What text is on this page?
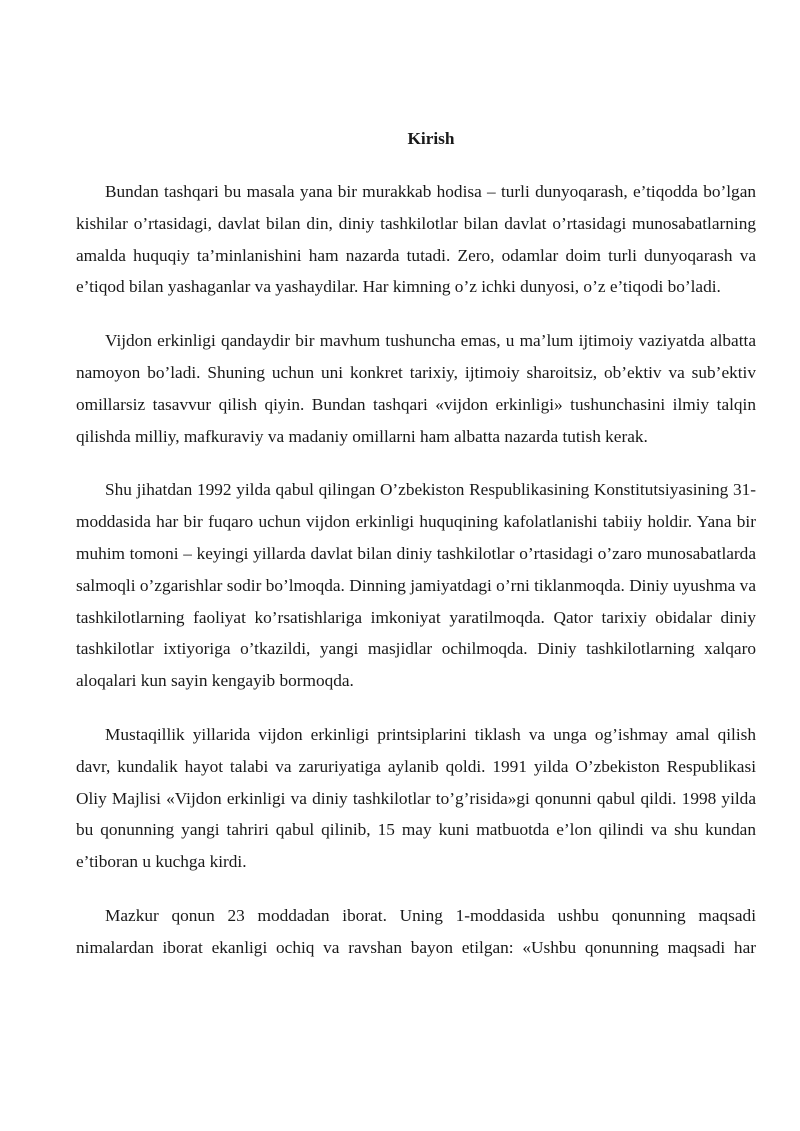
Kirish

Bundan tashqari bu masala yana bir murakkab hodisa – turli dunyoqarash, e’tiqodda bo’lgan kishilar o’rtasidagi, davlat bilan din, diniy tashkilotlar bilan davlat o’rtasidagi munosabatlarning amalda huquqiy ta’minlanishini ham nazarda tutadi. Zero, odamlar doim turli dunyoqarash va e’tiqod bilan yashaganlar va yashaydilar. Har kimning o’z ichki dunyosi, o’z e’tiqodi bo’ladi.

Vijdon erkinligi qandaydir bir mavhum tushuncha emas, u ma’lum ijtimoiy vaziyatda albatta namoyon bo’ladi. Shuning uchun uni konkret tarixiy, ijtimoiy sharoitsiz, ob’ektiv va sub’ektiv omillarsiz tasavvur qilish qiyin. Bundan tashqari «vijdon erkinligi» tushunchasini ilmiy talqin qilishda milliy, mafkuraviy va madaniy omillarni ham albatta nazarda tutish kerak.

Shu jihatdan 1992 yilda qabul qilingan O’zbekiston Respublikasining Konstitutsiyasining 31-moddasida har bir fuqaro uchun vijdon erkinligi huquqining kafolatlanishi tabiiy holdir. Yana bir muhim tomoni – keyingi yillarda davlat bilan diniy tashkilotlar o’rtasidagi o’zaro munosabatlarda salmoqli o’zgarishlar sodir bo’lmoqda. Dinning jamiyatdagi o’rni tiklanmoqda. Diniy uyushma va tashkilotlarning faoliyat ko’rsatishlariga imkoniyat yaratilmoqda. Qator tarixiy obidalar diniy tashkilotlar ixtiyoriga o’tkazildi, yangi masjidlar ochilmoqda. Diniy tashkilotlarning xalqaro aloqalari kun sayin kengayib bormoqda.

Mustaqillik yillarida vijdon erkinligi printsiplarini tiklash va unga og’ishmay amal qilish davr, kundalik hayot talabi va zaruriyatiga aylanib qoldi. 1991 yilda O’zbekiston Respublikasi Oliy Majlisi «Vijdon erkinligi va diniy tashkilotlar to’g’risida»gi qonunni qabul qildi. 1998 yilda bu qonunning yangi tahriri qabul qilinib, 15 may kuni matbuotda e’lon qilindi va shu kundan e’tiboran u kuchga kirdi.

Mazkur qonun 23 moddadan iborat. Uning 1-moddasida ushbu qonunning maqsadi nimalardan iborat ekanligi ochiq va ravshan bayon etilgan: «Ushbu qonunning maqsadi har
